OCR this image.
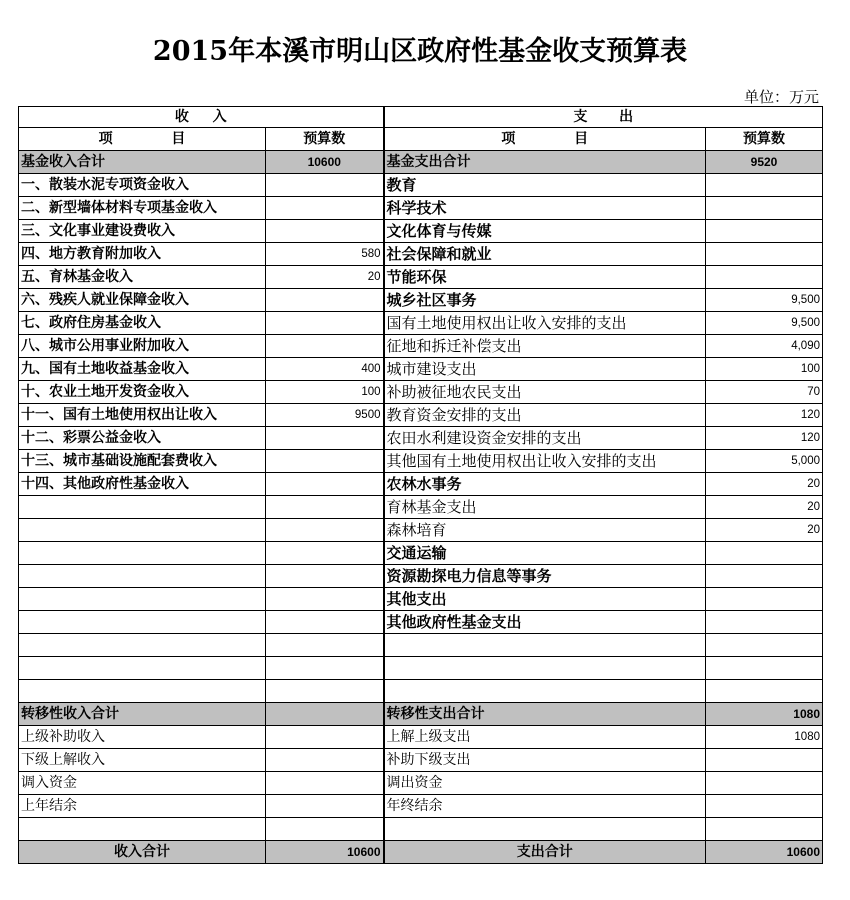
2015年本溪市明山区政府性基金收支预算表
单位：万元
收 入		支 出	
项 目	预算数	项 目	预算数
基金收入合计	10600	基金支出合计	9520
一、散装水泥专项资金收入		教育	
二、新型墙体材料专项基金收入		科学技术	
三、文化事业建设费收入		文化体育与传媒	
四、地方教育附加收入	580	社会保障和就业	
五、育林基金收入	20	节能环保	
六、残疾人就业保障金收入		城乡社区事务	9,500
七、政府住房基金收入		国有土地使用权出让收入安排的支出	9,500
八、城市公用事业附加收入		征地和拆迁补偿支出	4,090
九、国有土地收益基金收入	400	城市建设支出	100
十、农业土地开发资金收入	100	补助被征地农民支出	70
十一、国有土地使用权出让收入	9500	教育资金安排的支出	120
十二、彩票公益金收入		农田水利建设资金安排的支出	120
十三、城市基础设施配套费收入		其他国有土地使用权出让收入安排的支出	5,000
十四、其他政府性基金收入		农林水事务	20
		育林基金支出	20
		森林培育	20
		交通运输	
		资源勘探电力信息等事务	
		其他支出	
		其他政府性基金支出	

转移性收入合计		转移性支出合计	1080
上级补助收入		上解上级支出	1080
下级上解收入		补助下级支出	
调入资金		调出资金	
上年结余		年终结余	

收入合计	10600	支出合计	10600
